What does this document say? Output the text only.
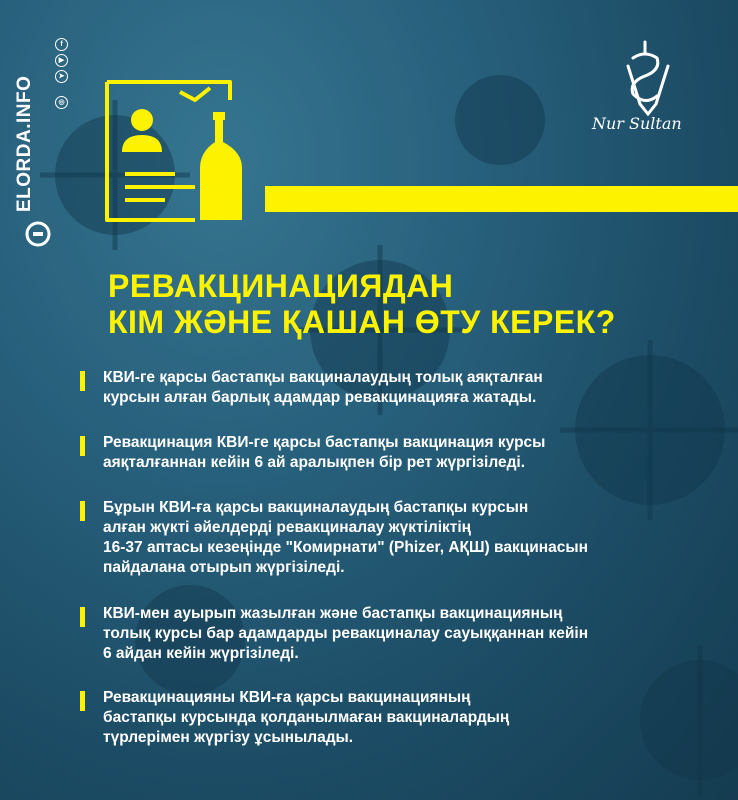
ELORDA.INFO
f
▶
➤
◎
Nur Sultan
РЕВАКЦИНАЦИЯДАН
КІМ ЖӘНЕ ҚАШАН ӨТУ КЕРЕК?
КВИ-ге қарсы бастапқы вакциналаудың толық аяқталған
курсын алған барлық адамдар ревакцинацияға жатады.
Ревакцинация КВИ-ге қарсы бастапқы вакцинация курсы
аяқталғаннан кейін 6 ай аралықпен бір рет жүргізіледі.
Бұрын КВИ-ға қарсы вакциналаудың бастапқы курсын
алған жүкті әйелдерді ревакциналау жүктіліктің
16-37 аптасы кезеңінде "Комирнати" (Phizer, АҚШ) вакцинасын
пайдалана отырып жүргізіледі.
КВИ-мен ауырып жазылған және бастапқы вакцинацияның
толық курсы бар адамдарды ревакциналау сауыққаннан кейін
6 айдан кейін жүргізіледі.
Ревакцинацияны КВИ-ға қарсы вакцинацияның
бастапқы курсында қолданылмаған вакциналардың
түрлерімен жүргізу ұсынылады.
